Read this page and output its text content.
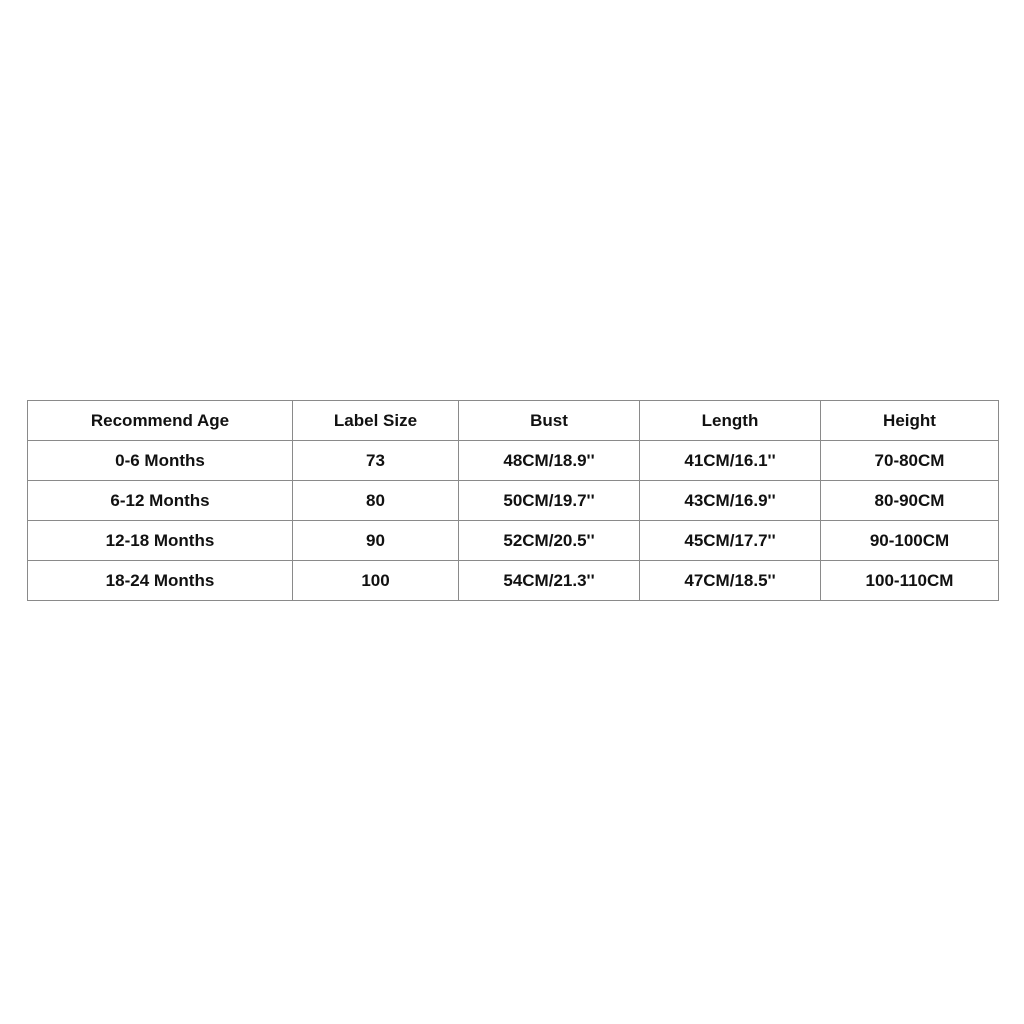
Recommend Age	Label Size	Bust	Length	Height
0-6 Months	73	48CM/18.9''	41CM/16.1''	70-80CM
6-12 Months	80	50CM/19.7''	43CM/16.9''	80-90CM
12-18 Months	90	52CM/20.5''	45CM/17.7''	90-100CM
18-24 Months	100	54CM/21.3''	47CM/18.5''	100-110CM
